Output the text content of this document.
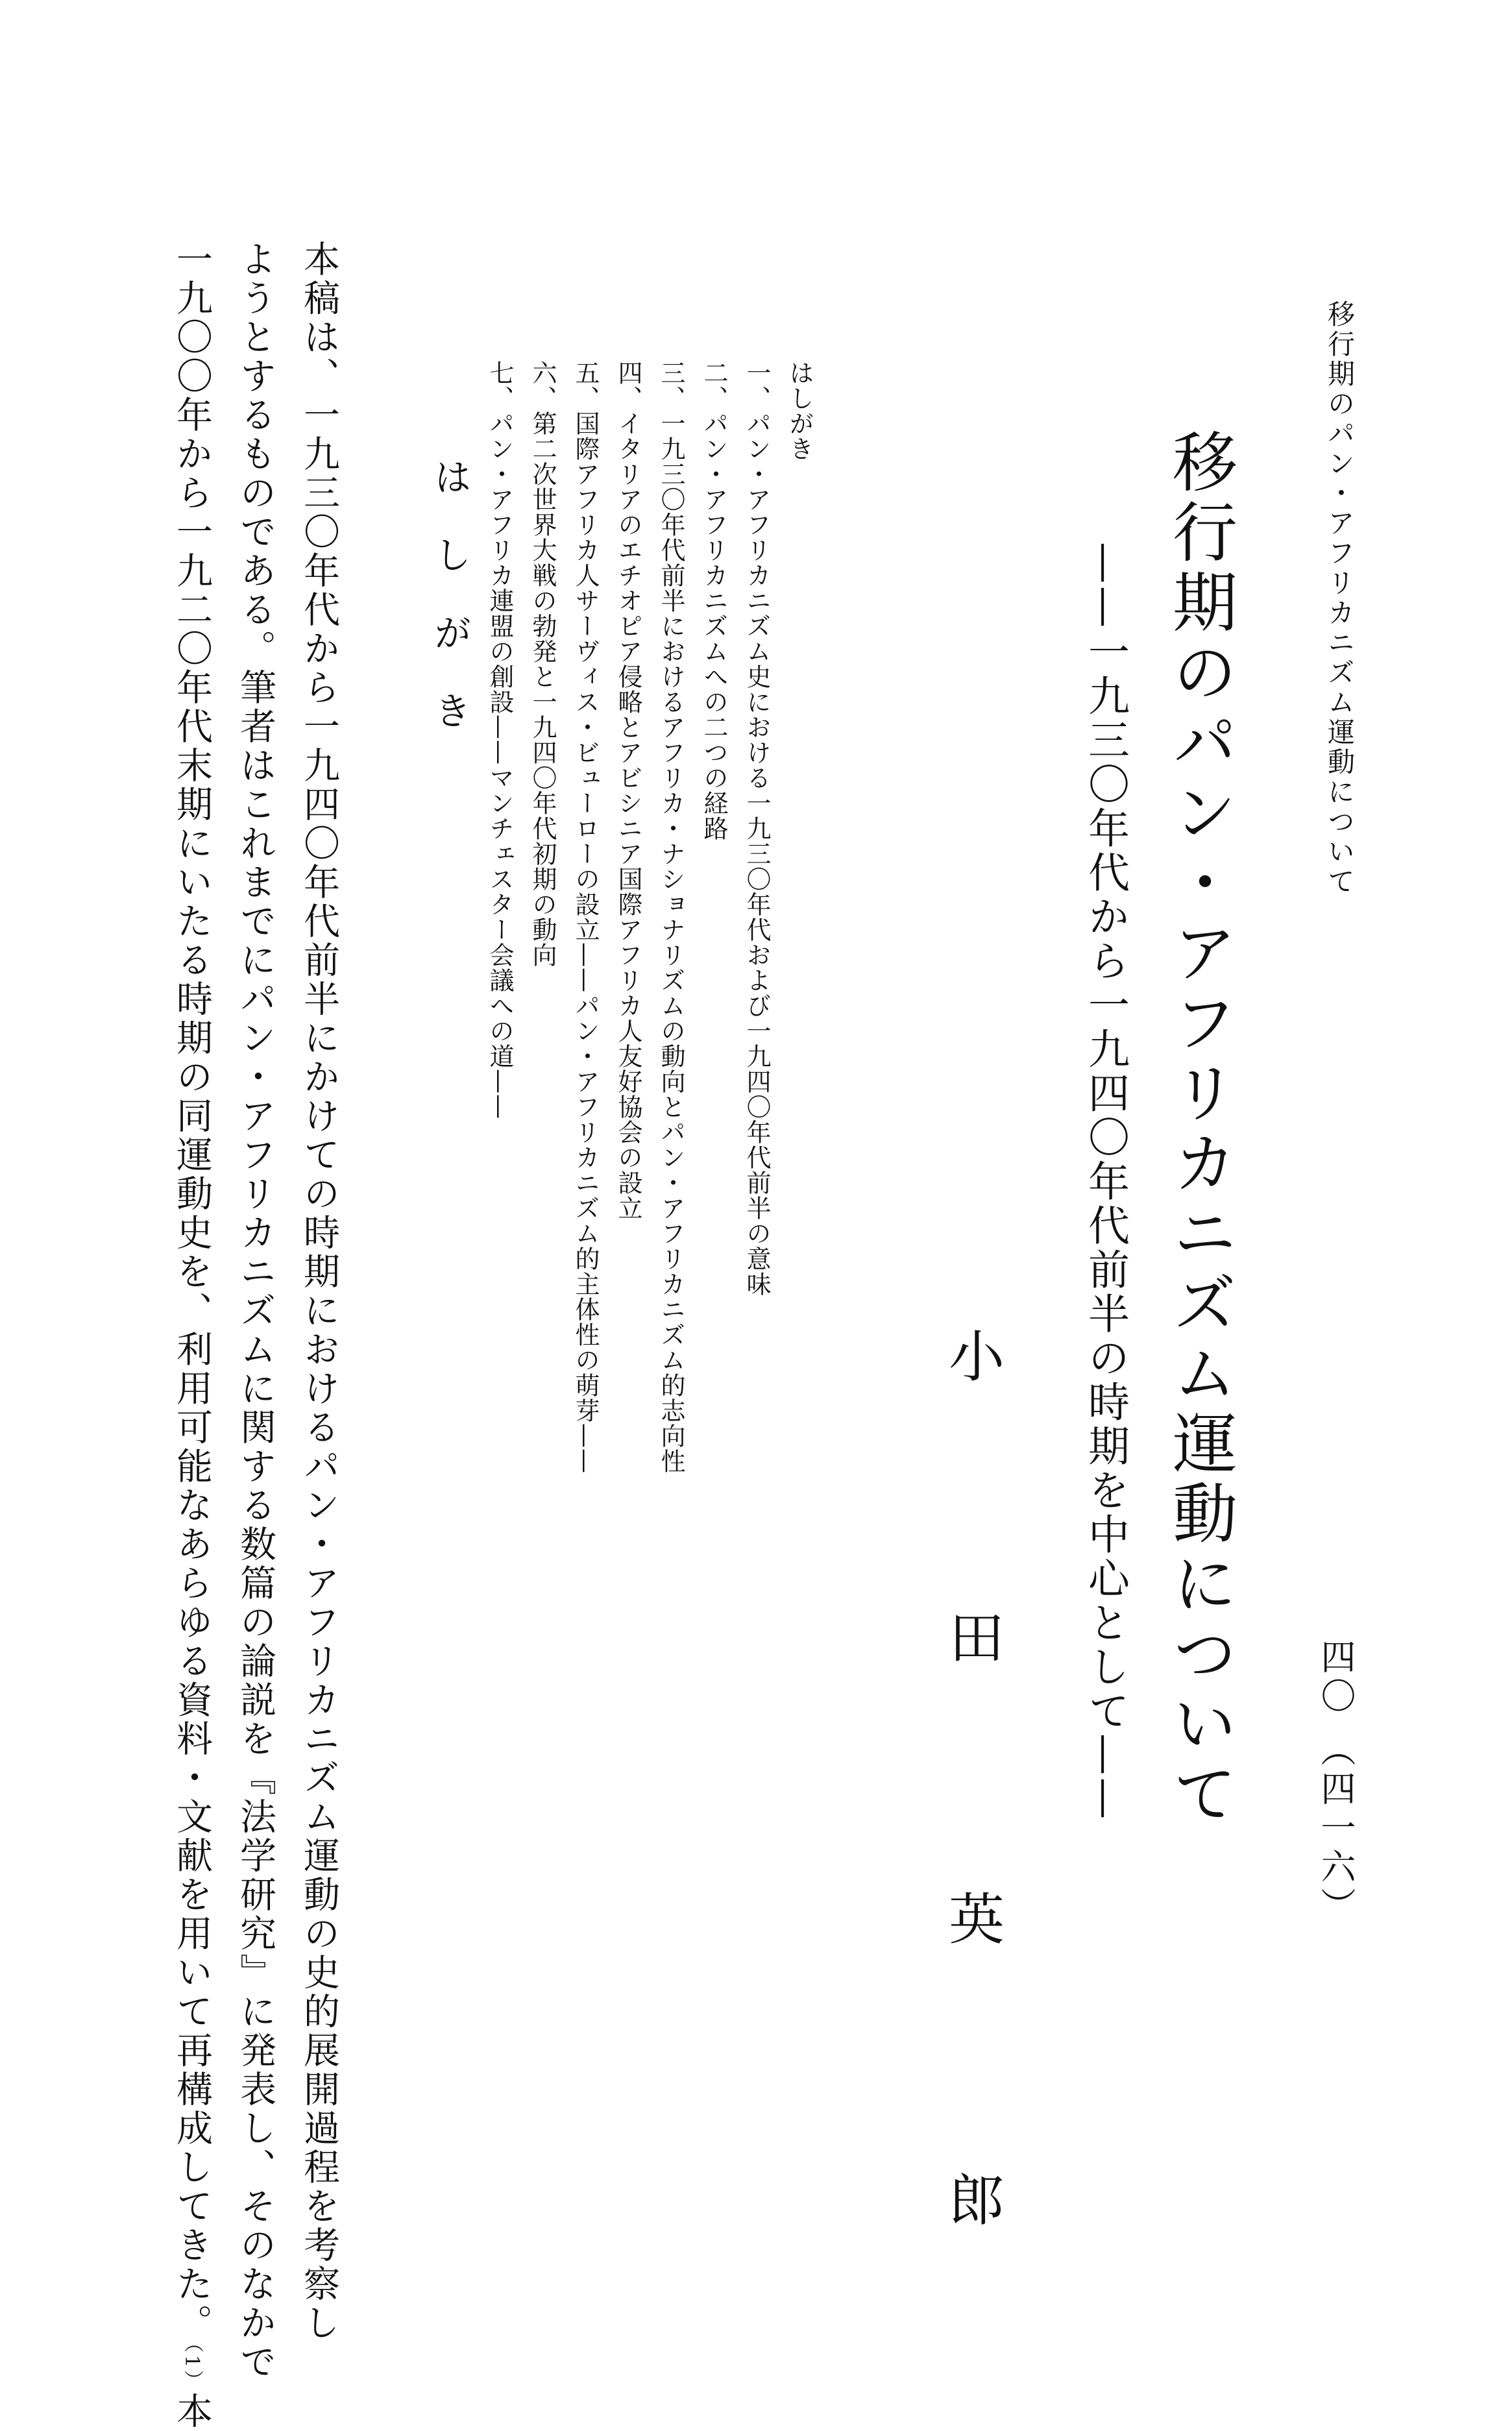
移行期のパン・アフリカニズム運動について
四〇 （四一六）
移行期のパン・アフリカニズム運動について
——一九三〇年代から一九四〇年代前半の時期を中心として——
小 田 英 郎
はしがき
一、パン・アフリカニズム史における一九三〇年代および一九四〇年代前半の意味
二、パン・アフリカニズムへの二つの経路
三、一九三〇年代前半におけるアフリカ・ナショナリズムの動向とパン・アフリカニズム的志向性
四、イタリアのエチオピア侵略とアビシニア国際アフリカ人友好協会の設立
五、国際アフリカ人サーヴィス・ビューローの設立——パン・アフリカニズム的主体性の萌芽——
六、第二次世界大戦の勃発と一九四〇年代初期の動向
七、パン・アフリカ連盟の創設——マンチェスター会議への道——
はしがき
本稿は、一九三〇年代から一九四〇年代前半にかけての時期におけるパン・アフリカニズム運動の史的展開過程を考察し
ようとするものである。筆者はこれまでにパン・アフリカニズムに関する数篇の論説を『法学研究』に発表し、そのなかで
一九〇〇年から一九二〇年代末期にいたる時期の同運動史を、利用可能なあらゆる資料・文献を用いて再構成してきた。（1）本
